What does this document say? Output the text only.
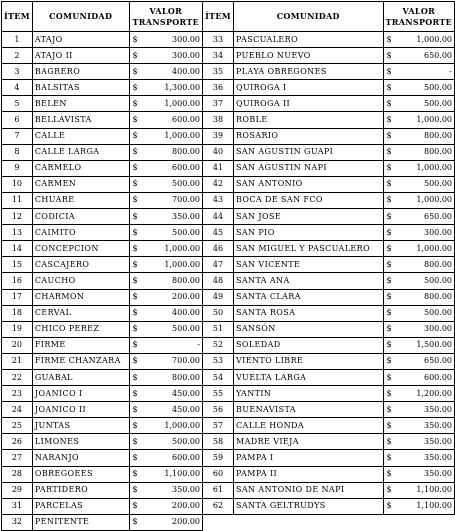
ÍTEM	COMUNIDAD	VALOR TRANSPORTE	ÍTEM	COMUNIDAD	VALOR TRANSPORTE
1	ATAJO	$ 300.00	33	PASCUALERO	$ 1,000.00
2	ATAJO II	$ 300.00	34	PUEBLO NUEVO	$ 650.00
3	BAGRERO	$ 400.00	35	PLAYA OBREGONES	$ -
4	BALSITAS	$ 1,300.00	36	QUIROGA I	$ 500.00
5	BELEN	$ 1,000.00	37	QUIROGA II	$ 500.00
6	BELLAVISTA	$ 600.00	38	ROBLE	$ 1,000.00
7	CALLE	$ 1,000.00	39	ROSARIO	$ 800.00
8	CALLE LARGA	$ 800.00	40	SAN AGUSTIN GUAPI	$ 800.00
9	CARMELO	$ 600.00	41	SAN AGUSTIN NAPI	$ 1,000.00
10	CARMEN	$ 500.00	42	SAN ANTONIO	$ 500.00
11	CHUARE	$ 700.00	43	BOCA DE SAN FCO	$ 1,000.00
12	CODICIA	$ 350.00	44	SAN JOSE	$ 650.00
13	CAIMITO	$ 500.00	45	SAN PIO	$ 300.00
14	CONCEPCION	$ 1,000.00	46	SAN MIGUEL Y PASCUALERO	$ 1,000.00
15	CASCAJERO	$ 1,000.00	47	SAN VICENTE	$ 800.00
16	CAUCHO	$ 800.00	48	SANTA ANA	$ 500.00
17	CHARMON	$ 200.00	49	SANTA CLARA	$ 800.00
18	CERVAL	$ 400.00	50	SANTA ROSA	$ 500.00
19	CHICO PEREZ	$ 500.00	51	SANSÓN	$ 300.00
20	FIRME	$ -	52	SOLEDAD	$ 1,500.00
21	FIRME CHANZARA	$ 700.00	53	VIENTO LIBRE	$ 650.00
22	GUABAL	$ 800.00	54	VUELTA LARGA	$ 600.00
23	JOANICO I	$ 450.00	55	YANTIN	$ 1,200.00
24	JOANICO II	$ 450.00	56	BUENAVISTA	$ 350.00
25	JUNTAS	$ 1,000.00	57	CALLE HONDA	$ 350.00
26	LIMONES	$ 500.00	58	MADRE VIEJA	$ 350.00
27	NARANJO	$ 600.00	59	PAMPA I	$ 350.00
28	OBREGOEES	$ 1,100.00	60	PAMPA II	$ 350.00
29	PARTIDERO	$ 350.00	61	SAN ANTONIO DE NAPI	$ 1,100.00
31	PARCELAS	$ 200.00	62	SANTA GELTRUDYS	$ 1,100.00
32	PENITENTE	$ 200.00			
